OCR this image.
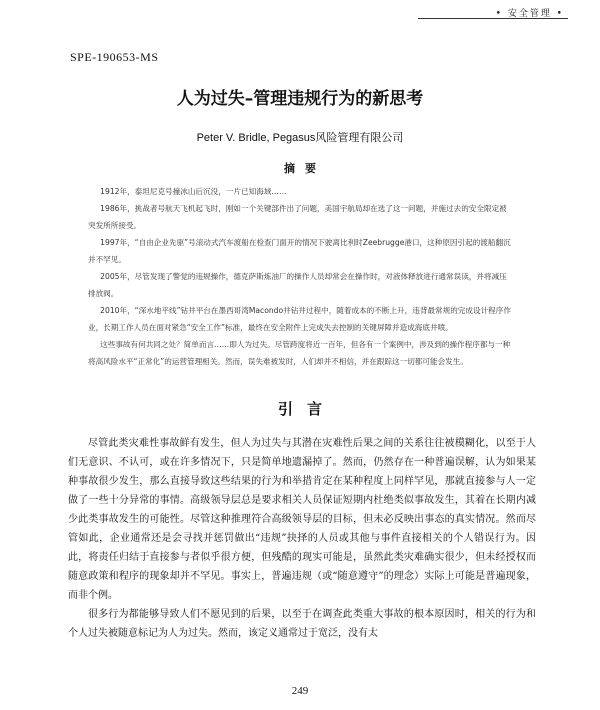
• 安全管理 •
SPE-190653-MS
人为过失–管理违规行为的新思考
Peter V. Bridle, Pegasus风险管理有限公司
摘要

1912年，泰坦尼克号撞冰山后沉没，一片已知海域……

1986年，挑战者号航天飞机起飞时，刚如一个关键部件出了问题，美国宇航局却在选了这一问题，并施过去的安全限定被突发所所接受。

1997年，“自由企业先驱”号滚动式汽车渡船在检查门面开的情况下驶离比利时Zeebrugge港口，这种原因引起的渡船翻沉并不罕见。

2005年，尽管发现了警觉的违规操作，德克萨斯炼油厂的操作人员却常会在操作时，对液体释放进行通常误读，并将减压排放阀。

2010年，“深水地平线”钻井平台在墨西哥湾Macondo井钻井过程中，随着成本的不断上升，违背最常规的完成设计程序作业，长期工作人员在面对紧急“安全工作”标准，最终在安全附件上完成失去控制的关键屏障并造成海底井喷。

这些事故有何共同之处？简单而言……即人为过失。尽管跨度将近一百年，但各有一个案例中，涉及到的操作程序都与一种将高风险水平“正常化”的运营管理相关。然而，误失难被发时，人们却并不相信，并在跟踪这一切都可能会发生。

引言

尽管此类灾难性事故鲜有发生，但人为过失与其潜在灾难性后果之间的关系往往被模糊化，以至于人们无意识、不认可，或在许多情况下，只是简单地遗漏掉了。然而，仍然存在一种普遍误解，认为如果某种事故很少发生，那么直接导致这些结果的行为和举措肯定在某种程度上同样罕见，那就直接参与人一定做了一些十分异常的事情。高级领导层总是要求相关人员保证短期内杜绝类似事故发生，其着在长期内减少此类事故发生的可能性。尽管这种推理符合高级领导层的目标，但未必反映出事态的真实情况。然而尽管如此，企业通常还是会寻找并惩罚做出“违规”抉择的人员或其他与事件直接相关的个人错误行为。因此，将责任归结于直接参与者似乎很方便，但残酷的现实可能是，虽然此类灾难确实很少，但未经授权而随意政策和程序的现象却并不罕见。事实上，普遍违规（或“随意遵守”的理念）实际上可能是普遍现象，而非个例。

很多行为都能够导致人们不愿见到的后果，以至于在调查此类重大事故的根本原因时，相关的行为和个人过失被随意标记为人为过失。然而，该定义通常过于宽泛，没有太

249
